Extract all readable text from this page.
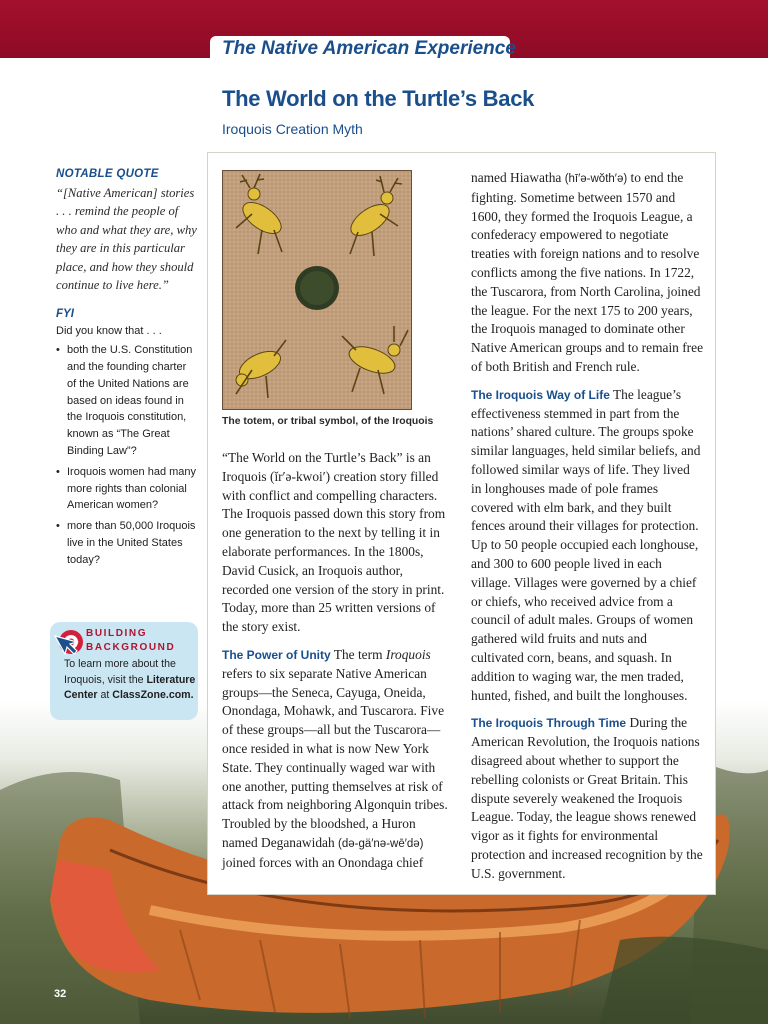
The Native American Experience
The World on the Turtle’s Back
Iroquois Creation Myth
NOTABLE QUOTE
“[Native American] stories . . . remind the people of who and what they are, why they are in this particular place, and how they should continue to live here.”
FYI
Did you know that . . .
• both the U.S. Constitution and the founding charter of the United Nations are based on ideas found in the Iroquois constitution, known as “The Great Binding Law”?
• Iroquois women had many more rights than colonial American women?
• more than 50,000 Iroquois live in the United States today?
BUILDING
BACKGROUND
To learn more about the Iroquois, visit the Literature Center at ClassZone.com.
The totem, or tribal symbol, of the Iroquois

“The World on the Turtle’s Back” is an Iroquois (ĭr′ə-kwoi′) creation story filled with conflict and compelling characters. The Iroquois passed down this story from one generation to the next by telling it in elaborate performances. In the 1800s, David Cusick, an Iroquois author, recorded one version of the story in print. Today, more than 25 written versions of the story exist.

The Power of Unity The term Iroquois refers to six separate Native American groups—the Seneca, Cayuga, Oneida, Onondaga, Mohawk, and Tuscarora. Five of these groups—all but the Tuscarora—once resided in what is now New York State. They continually waged war with one another, putting themselves at risk of attack from neighboring Algonquin tribes. Troubled by the bloodshed, a Huron named Deganawidah (də-gä′nə-wē′də) joined forces with an Onondaga chief

named Hiawatha (hī′ə-wŏth′ə) to end the fighting. Sometime between 1570 and 1600, they formed the Iroquois League, a confederacy empowered to negotiate treaties with foreign nations and to resolve conflicts among the five nations. In 1722, the Tuscarora, from North Carolina, joined the league. For the next 175 to 200 years, the Iroquois managed to dominate other Native American groups and to remain free of both British and French rule.

The Iroquois Way of Life The league’s effectiveness stemmed in part from the nations’ shared culture. The groups spoke similar languages, held similar beliefs, and followed similar ways of life. They lived in longhouses made of pole frames covered with elm bark, and they built fences around their villages for protection. Up to 50 people occupied each longhouse, and 300 to 600 people lived in each village. Villages were governed by a chief or chiefs, who received advice from a council of adult males. Groups of women gathered wild fruits and nuts and cultivated corn, beans, and squash. In addition to waging war, the men traded, hunted, fished, and built the longhouses.

The Iroquois Through Time During the American Revolution, the Iroquois nations disagreed about whether to support the rebelling colonists or Great Britain. This dispute severely weakened the Iroquois League. Today, the league shows renewed vigor as it fights for environmental protection and increased recognition by the U.S. government.

32
